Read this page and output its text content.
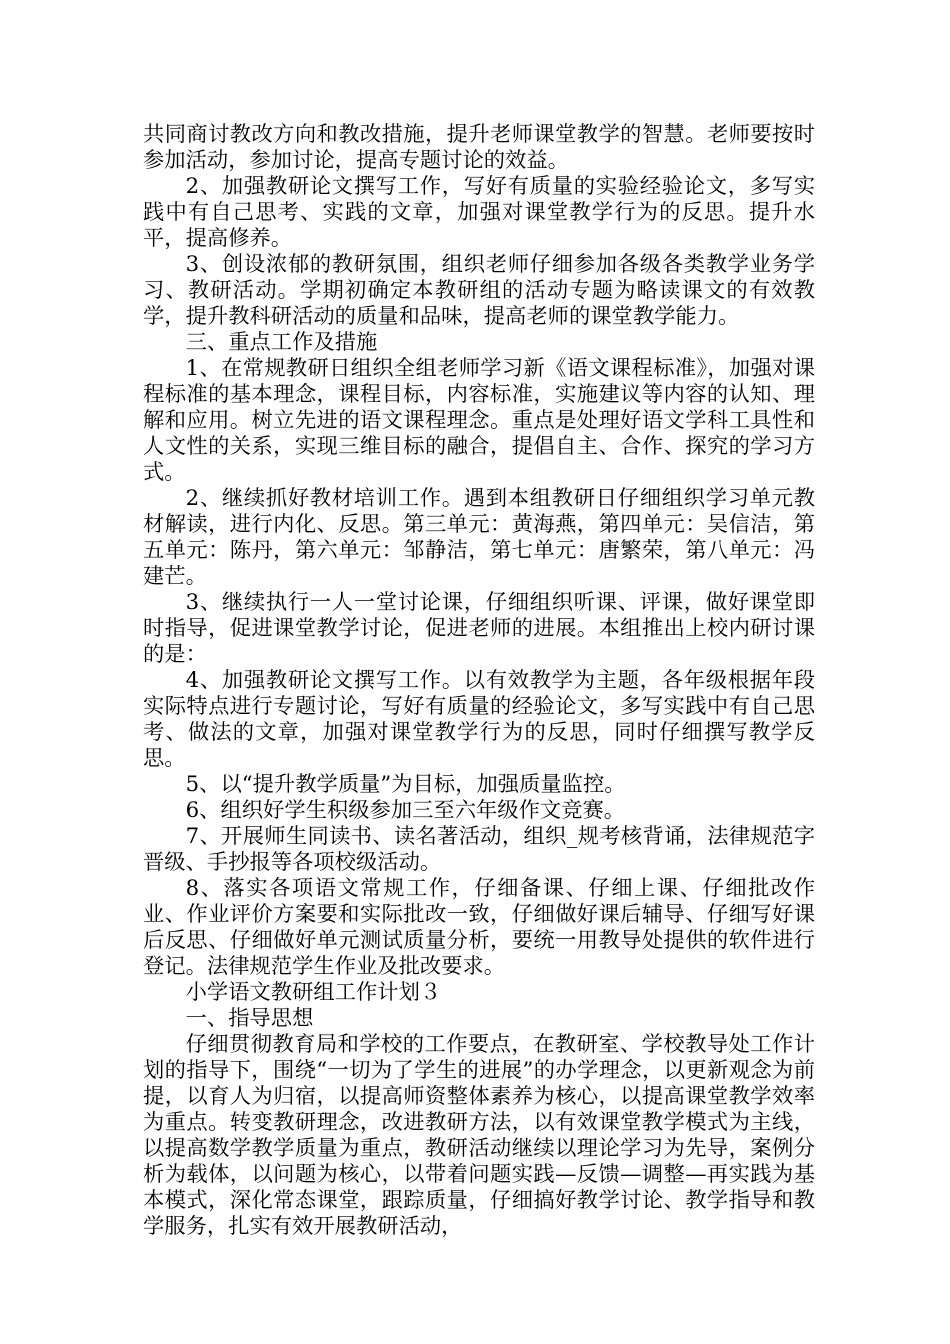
共同商讨教改方向和教改措施，提升老师课堂教学的智慧。老师要按时参加活动，参加讨论，提高专题讨论的效益。

2、加强教研论文撰写工作，写好有质量的实验经验论文，多写实践中有自己思考、实践的文章，加强对课堂教学行为的反思。提升水平，提高修养。

3、创设浓郁的教研氛围，组织老师仔细参加各级各类教学业务学习、教研活动。学期初确定本教研组的活动专题为略读课文的有效教学，提升教科研活动的质量和品味，提高老师的课堂教学能力。

三、重点工作及措施

1、在常规教研日组织全组老师学习新《语文课程标准》，加强对课程标准的基本理念，课程目标，内容标准，实施建议等内容的认知、理解和应用。树立先进的语文课程理念。重点是处理好语文学科工具性和人文性的关系，实现三维目标的融合，提倡自主、合作、探究的学习方式。

2、继续抓好教材培训工作。遇到本组教研日仔细组织学习单元教材解读，进行内化、反思。第三单元：黄海燕，第四单元：吴信洁，第五单元：陈丹，第六单元：邹静洁，第七单元：唐繁荣，第八单元：冯建芒。

3、继续执行一人一堂讨论课，仔细组织听课、评课，做好课堂即时指导，促进课堂教学讨论，促进老师的进展。本组推出上校内研讨课的是：

4、加强教研论文撰写工作。以有效教学为主题，各年级根据年段实际特点进行专题讨论，写好有质量的经验论文，多写实践中有自己思考、做法的文章，加强对课堂教学行为的反思，同时仔细撰写教学反思。

5、以“提升教学质量”为目标，加强质量监控。

6、组织好学生积级参加三至六年级作文竞赛。

7、开展师生同读书、读名著活动，组织_规考核背诵，法律规范字晋级、手抄报等各项校级活动。

8、落实各项语文常规工作，仔细备课、仔细上课、仔细批改作业、作业评价方案要和实际批改一致，仔细做好课后辅导、仔细写好课后反思、仔细做好单元测试质量分析，要统一用教导处提供的软件进行登记。法律规范学生作业及批改要求。

小学语文教研组工作计划３

一、指导思想

仔细贯彻教育局和学校的工作要点，在教研室、学校教导处工作计划的指导下，围绕“一切为了学生的进展”的办学理念，以更新观念为前提，以育人为归宿，以提高师资整体素养为核心，以提高课堂教学效率为重点。转变教研理念，改进教研方法，以有效课堂教学模式为主线，以提高数学教学质量为重点，教研活动继续以理论学习为先导，案例分析为载体，以问题为核心，以带着问题实践—反馈—调整—再实践为基本模式，深化常态课堂，跟踪质量，仔细搞好教学讨论、教学指导和教学服务，扎实有效开展教研活动，
